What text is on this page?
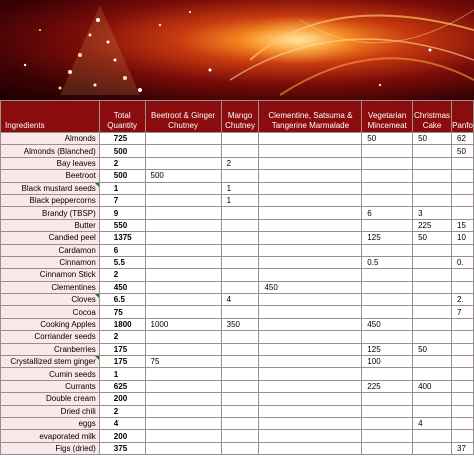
Ingredients	Total Quantity	Beetroot & Ginger Chutney	Mango Chutney	Clementine, Satsuma & Tangerine Marmalade	Vegetarian Mincemeat	Christmas Cake	Panfo
Almonds	725				50	50	62
Almonds (Blanched)	500						50
Bay leaves	2		2				
Beetroot	500	500					
Black mustard seeds	1		1				
Black peppercorns	7		1				
Brandy (TBSP)	9				6	3	
Butter	550					225	15
Candied peel	1375				125	50	10
Cardamon	6						
Cinnamon	5.5				0.5		0.
Cinnamon Stick	2						
Clementines	450			450			
Cloves	6.5		4				2.
Cocoa	75						7
Cooking Apples	1800	1000	350		450		
Corriander seeds	2						
Cranberries	175				125	50	
Crystallized stem ginger	175	75			100		
Cumin seeds	1						
Currants	625				225	400	
Double cream	200						
Dried chili	2						
eggs	4					4	
evaporated milk	200						
Figs (dried)	375						37
